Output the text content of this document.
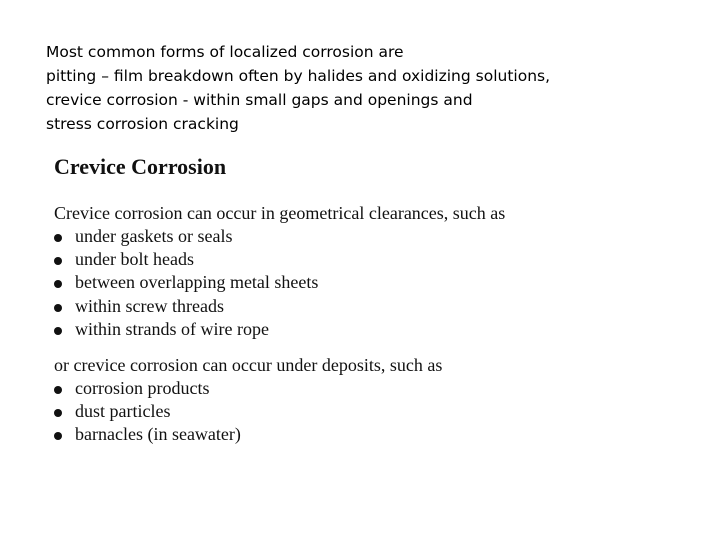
Most common forms of localized corrosion are
pitting – film breakdown often by halides and oxidizing solutions,
crevice corrosion - within small gaps and openings and
stress corrosion cracking
Crevice Corrosion

Crevice corrosion can occur in geometrical clearances, such as

under gaskets or seals
under bolt heads
between overlapping metal sheets
within screw threads
within strands of wire rope

or crevice corrosion can occur under deposits, such as

corrosion products
dust particles
barnacles (in seawater)
